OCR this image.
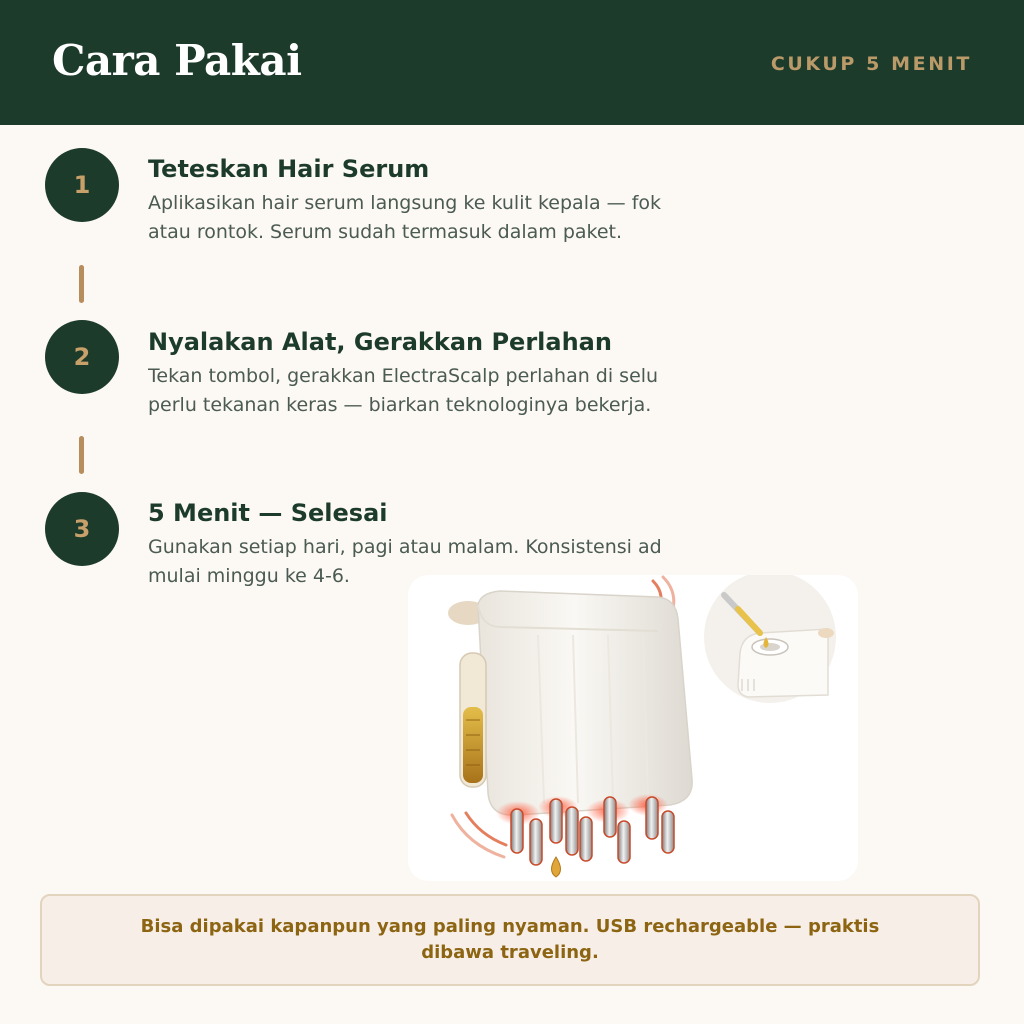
Cara Pakai	CUKUP 5 MENIT
1
Teteskan Hair Serum
Aplikasikan hair serum langsung ke kulit kepala — fok
atau rontok. Serum sudah termasuk dalam paket.
2
Nyalakan Alat, Gerakkan Perlahan
Tekan tombol, gerakkan ElectraScalp perlahan di selu
perlu tekanan keras — biarkan teknologinya bekerja.
3
5 Menit — Selesai
Gunakan setiap hari, pagi atau malam. Konsistensi ad
mulai minggu ke 4-6.
Bisa dipakai kapanpun yang paling nyaman. USB rechargeable — praktis dibawa traveling.
